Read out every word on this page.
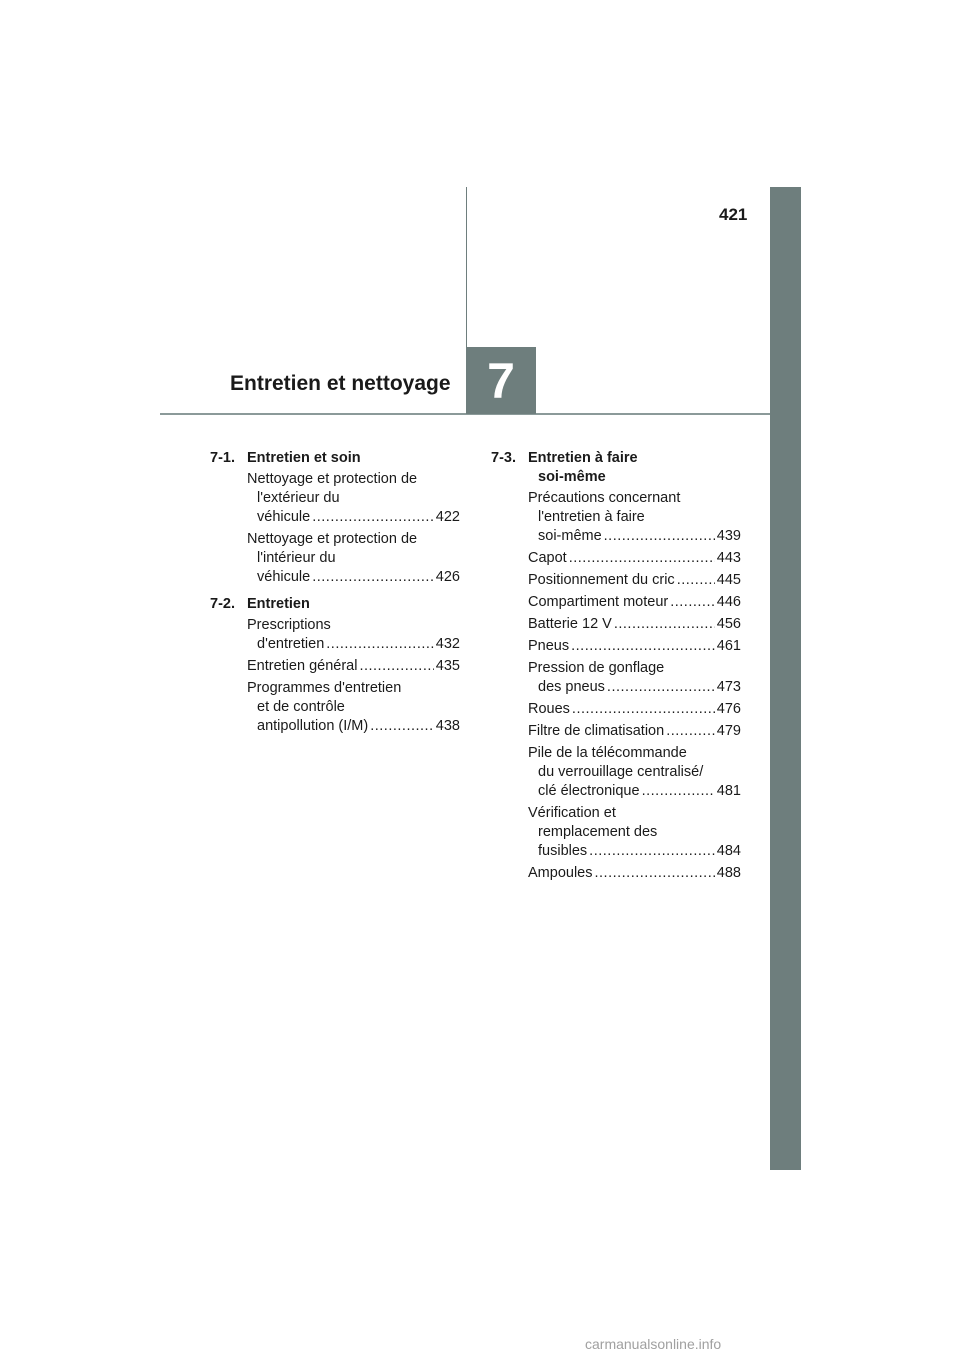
421
7
Entretien et nettoyage
7-1. Entretien et soin
Nettoyage et protection de
l'extérieur du
véhicule .....	422
Nettoyage et protection de
l'intérieur du
véhicule .....	426
7-2. Entretien
Prescriptions
d'entretien .....	432
Entretien général .....	435
Programmes d'entretien
et de contrôle
antipollution (I/M) .....	438
7-3. Entretien à faire
soi-même
Précautions concernant
l'entretien à faire
soi-même .....	439
Capot .....	443
Positionnement du cric .....	445
Compartiment moteur .....	446
Batterie 12 V .....	456
Pneus .....	461
Pression de gonflage
des pneus .....	473
Roues .....	476
Filtre de climatisation .....	479
Pile de la télécommande
du verrouillage centralisé/
clé électronique .....	481
Vérification et
remplacement des
fusibles .....	484
Ampoules .....	488
carmanualsonline.info
